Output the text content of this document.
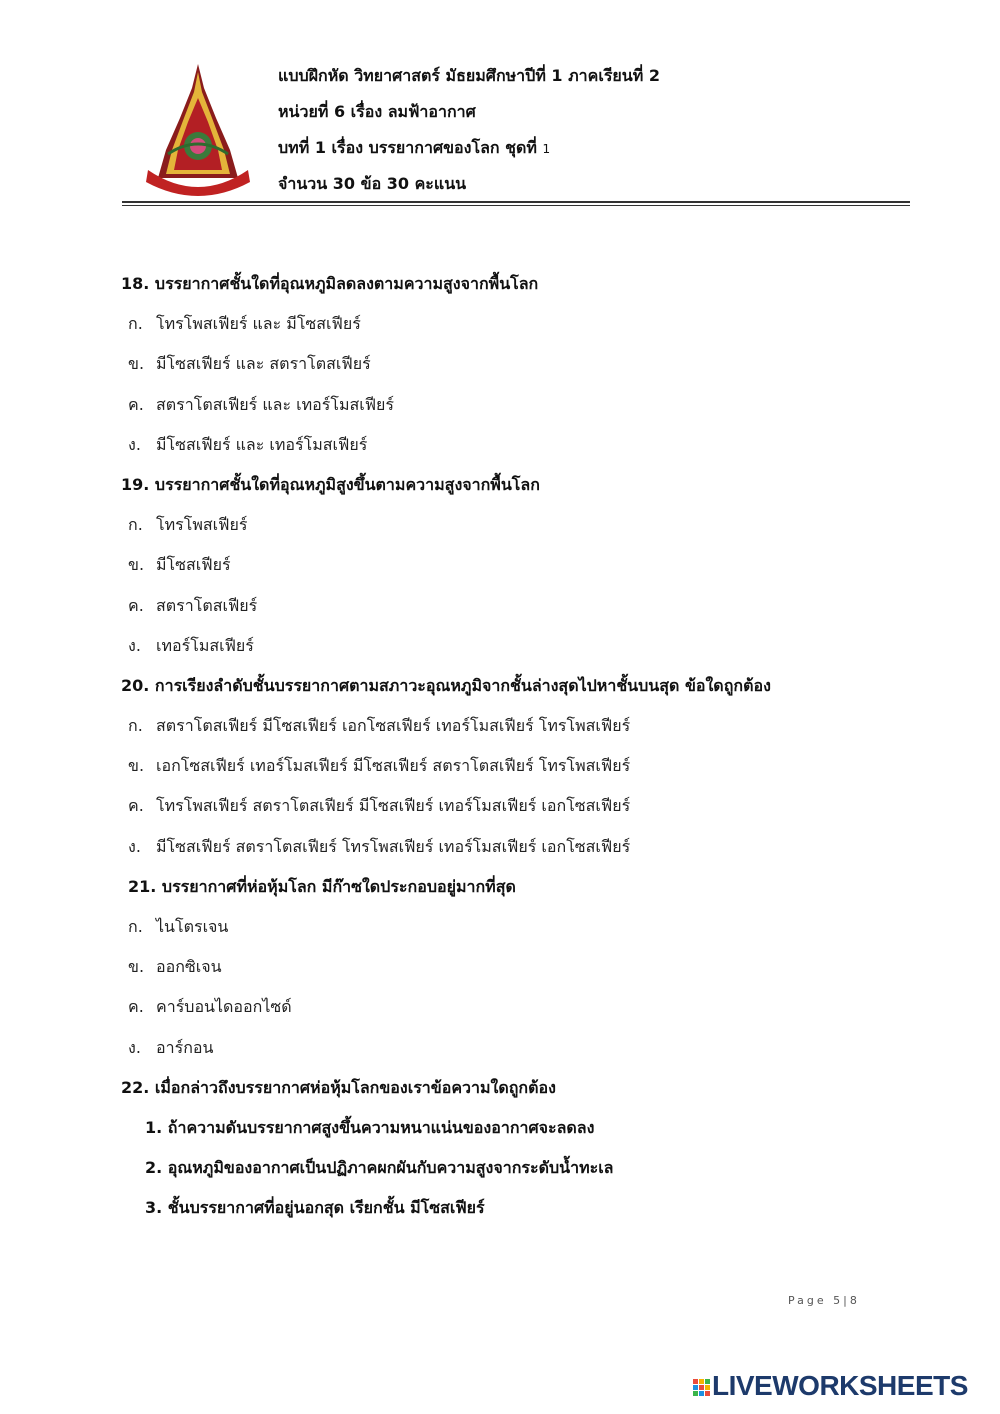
แบบฝึกหัด วิทยาศาสตร์ มัธยมศึกษาปีที่ 1 ภาคเรียนที่ 2
หน่วยที่ 6 เรื่อง ลมฟ้าอากาศ
บทที่ 1 เรื่อง บรรยากาศของโลก ชุดที่ 1
จำนวน 30 ข้อ 30 คะแนน
18. บรรยากาศชั้นใดที่อุณหภูมิลดลงตามความสูงจากพื้นโลก
ก. โทรโพสเฟียร์ และ มีโซสเฟียร์
ข. มีโซสเฟียร์ และ สตราโตสเฟียร์
ค. สตราโตสเฟียร์ และ เทอร์โมสเฟียร์
ง. มีโซสเฟียร์ และ เทอร์โมสเฟียร์
19. บรรยากาศชั้นใดที่อุณหภูมิสูงขึ้นตามความสูงจากพื้นโลก
ก. โทรโพสเฟียร์
ข. มีโซสเฟียร์
ค. สตราโตสเฟียร์
ง. เทอร์โมสเฟียร์
20. การเรียงลำดับชั้นบรรยากาศตามสภาวะอุณหภูมิจากชั้นล่างสุดไปหาชั้นบนสุด ข้อใดถูกต้อง
ก. สตราโตสเฟียร์ มีโซสเฟียร์ เอกโซสเฟียร์ เทอร์โมสเฟียร์ โทรโพสเฟียร์
ข. เอกโซสเฟียร์ เทอร์โมสเฟียร์ มีโซสเฟียร์ สตราโตสเฟียร์ โทรโพสเฟียร์
ค. โทรโพสเฟียร์ สตราโตสเฟียร์ มีโซสเฟียร์ เทอร์โมสเฟียร์ เอกโซสเฟียร์
ง. มีโซสเฟียร์ สตราโตสเฟียร์ โทรโพสเฟียร์ เทอร์โมสเฟียร์ เอกโซสเฟียร์
21. บรรยากาศที่ห่อหุ้มโลก มีก๊าซใดประกอบอยู่มากที่สุด
ก. ไนโตรเจน
ข. ออกซิเจน
ค. คาร์บอนไดออกไซด์
ง. อาร์กอน
22. เมื่อกล่าวถึงบรรยากาศห่อหุ้มโลกของเราข้อความใดถูกต้อง
1. ถ้าความดันบรรยากาศสูงขึ้นความหนาแน่นของอากาศจะลดลง
2. อุณหภูมิของอากาศเป็นปฏิภาคผกผันกับความสูงจากระดับน้ำทะเล
3. ชั้นบรรยากาศที่อยู่นอกสุด เรียกชั้น มีโซสเฟียร์
Page 5|8
LIVEWORKSHEETS
